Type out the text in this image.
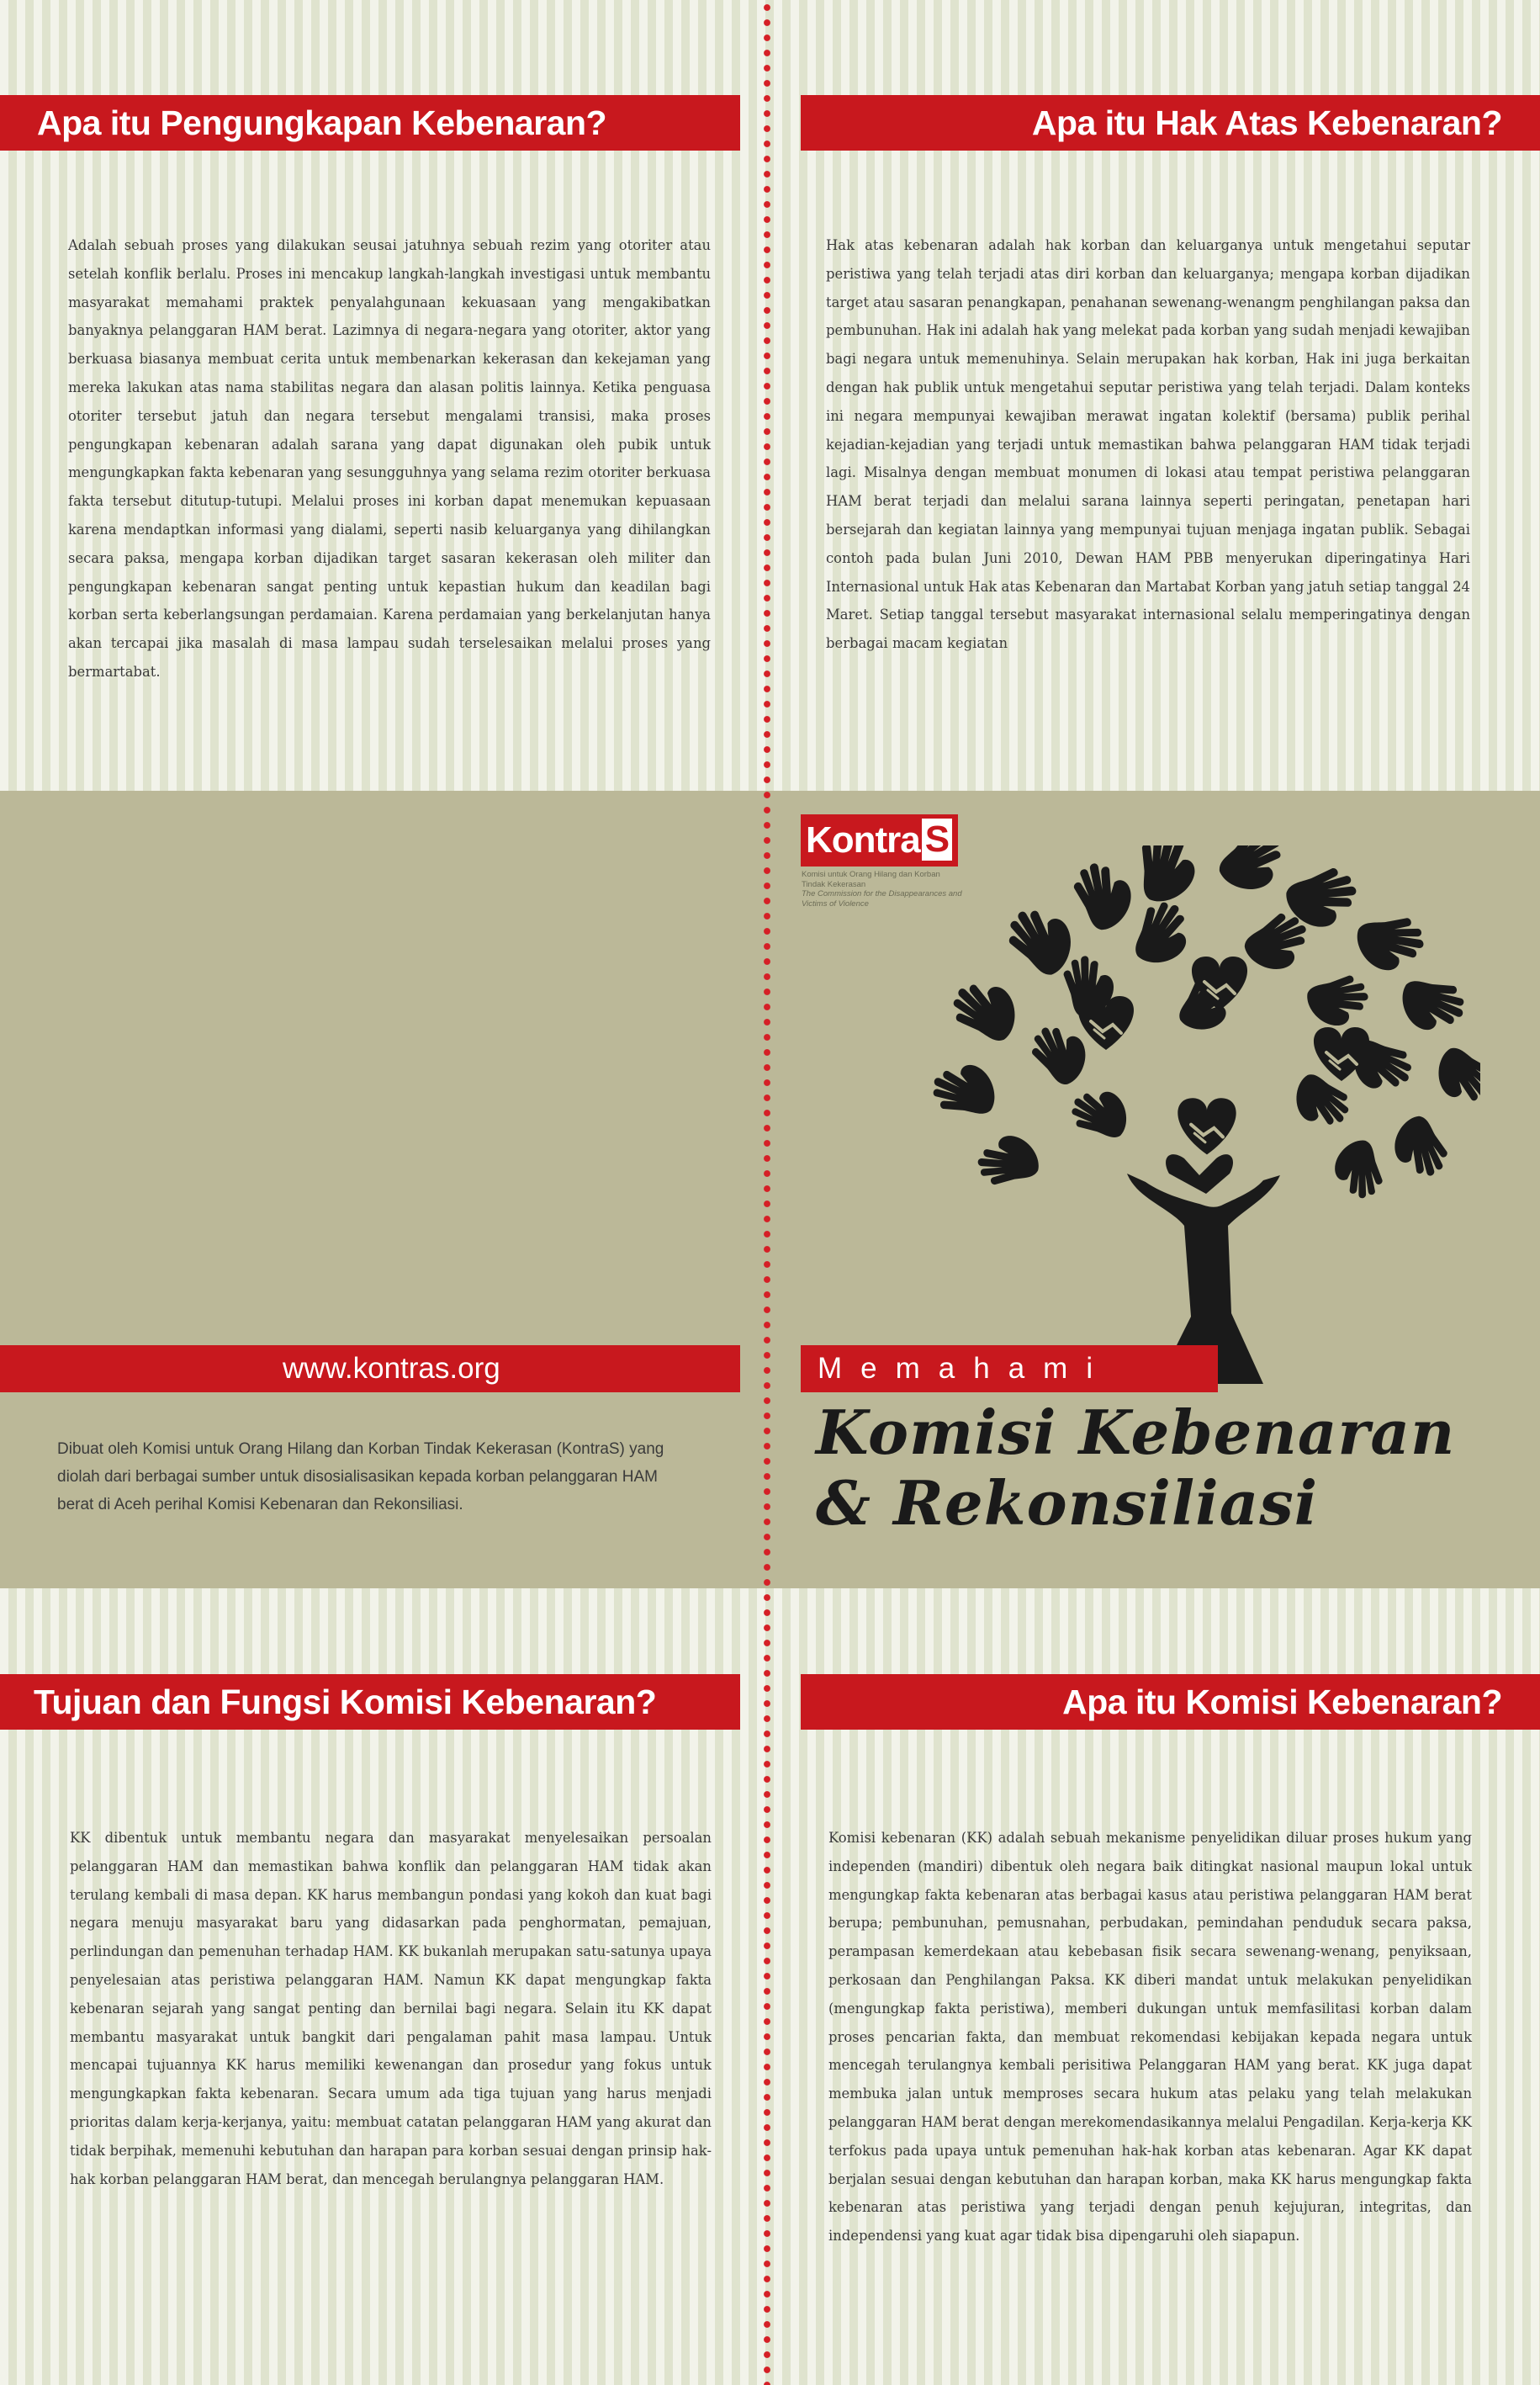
Apa itu Pengungkapan Kebenaran?	Apa itu Hak Atas Kebenaran?

Adalah sebuah proses yang dilakukan seusai jatuhnya sebuah rezim yang otoriter atau setelah konflik berlalu. Proses ini mencakup langkah-langkah investigasi untuk membantu masyarakat memahami praktek penyalahgunaan kekuasaan yang mengakibatkan banyaknya pelanggaran HAM berat. Lazimnya di negara-negara yang otoriter, aktor yang berkuasa biasanya membuat cerita untuk membenarkan kekerasan dan kekejaman yang mereka lakukan atas nama stabilitas negara dan alasan politis lainnya. Ketika penguasa otoriter tersebut jatuh dan negara tersebut mengalami transisi, maka proses pengungkapan kebenaran adalah sarana yang dapat digunakan oleh pubik untuk mengungkapkan fakta kebenaran yang sesungguhnya yang selama rezim otoriter berkuasa fakta tersebut ditutup-tutupi. Melalui proses ini korban dapat menemukan kepuasaan karena mendaptkan informasi yang dialami, seperti nasib keluarganya yang dihilangkan secara paksa, mengapa korban dijadikan target sasaran kekerasan oleh militer dan pengungkapan kebenaran sangat penting untuk kepastian hukum dan keadilan bagi korban serta keberlangsungan perdamaian. Karena perdamaian yang berkelanjutan hanya akan tercapai jika masalah di masa lampau sudah terselesaikan melalui proses yang bermartabat.

Hak atas kebenaran adalah hak korban dan keluarganya untuk mengetahui seputar peristiwa yang telah terjadi atas diri korban dan keluarganya; mengapa korban dijadikan target atau sasaran penangkapan, penahanan sewenang-wenangm penghilangan paksa dan pembunuhan. Hak ini adalah hak yang melekat pada korban yang sudah menjadi kewajiban bagi negara untuk memenuhinya. Selain merupakan hak korban, Hak ini juga berkaitan dengan hak publik untuk mengetahui seputar peristiwa yang telah terjadi. Dalam konteks ini negara mempunyai kewajiban merawat ingatan kolektif (bersama) publik perihal kejadian-kejadian yang terjadi untuk memastikan bahwa pelanggaran HAM tidak terjadi lagi. Misalnya dengan membuat monumen di lokasi atau tempat peristiwa pelanggaran HAM berat terjadi dan melalui sarana lainnya seperti peringatan, penetapan hari bersejarah dan kegiatan lainnya yang mempunyai tujuan menjaga ingatan publik. Sebagai contoh pada bulan Juni 2010, Dewan HAM PBB menyerukan diperingatinya Hari Internasional untuk Hak atas Kebenaran dan Martabat Korban yang jatuh setiap tanggal 24 Maret. Setiap tanggal tersebut masyarakat internasional selalu memperingatinya dengan berbagai macam kegiatan

Kontra S
Komisi untuk Orang Hilang dan Korban
Tindak Kekerasan
The Commission for the Disappearances and
Victims of Violence
www.kontras.org	Memahami

Dibuat oleh Komisi untuk Orang Hilang dan Korban Tindak Kekerasan (KontraS) yang diolah dari berbagai sumber untuk disosialisasikan kepada korban pelanggaran HAM berat di Aceh perihal Komisi Kebenaran dan Rekonsiliasi.

Komisi Kebenaran
& Rekonsiliasi
Tujuan dan Fungsi Komisi Kebenaran?	Apa itu Komisi Kebenaran?

KK dibentuk untuk membantu negara dan masyarakat menyelesaikan persoalan pelanggaran HAM dan memastikan bahwa konflik dan pelanggaran HAM tidak akan terulang kembali di masa depan. KK harus membangun pondasi yang kokoh dan kuat bagi negara menuju masyarakat baru yang didasarkan pada penghormatan, pemajuan, perlindungan dan pemenuhan terhadap HAM. KK bukanlah merupakan satu-satunya upaya penyelesaian atas peristiwa pelanggaran HAM. Namun KK dapat mengungkap fakta kebenaran sejarah yang sangat penting dan bernilai bagi negara. Selain itu KK dapat membantu masyarakat untuk bangkit dari pengalaman pahit masa lampau. Untuk mencapai tujuannya KK harus memiliki kewenangan dan prosedur yang fokus untuk mengungkapkan fakta kebenaran. Secara umum ada tiga tujuan yang harus menjadi prioritas dalam kerja-kerjanya, yaitu: membuat catatan pelanggaran HAM yang akurat dan tidak berpihak, memenuhi kebutuhan dan harapan para korban sesuai dengan prinsip hak-hak korban pelanggaran HAM berat, dan mencegah berulangnya pelanggaran HAM.

Komisi kebenaran (KK) adalah sebuah mekanisme penyelidikan diluar proses hukum yang independen (mandiri) dibentuk oleh negara baik ditingkat nasional maupun lokal untuk mengungkap fakta kebenaran atas berbagai kasus atau peristiwa pelanggaran HAM berat berupa; pembunuhan, pemusnahan, perbudakan, pemindahan penduduk secara paksa, perampasan kemerdekaan atau kebebasan fisik secara sewenang-wenang, penyiksaan, perkosaan dan Penghilangan Paksa. KK diberi mandat untuk melakukan penyelidikan (mengungkap fakta peristiwa), memberi dukungan untuk memfasilitasi korban dalam proses pencarian fakta, dan membuat rekomendasi kebijakan kepada negara untuk mencegah terulangnya kembali perisitiwa Pelanggaran HAM yang berat. KK juga dapat membuka jalan untuk memproses secara hukum atas pelaku yang telah melakukan pelanggaran HAM berat dengan merekomendasikannya melalui Pengadilan. Kerja-kerja KK terfokus pada upaya untuk pemenuhan hak-hak korban atas kebenaran. Agar KK dapat berjalan sesuai dengan kebutuhan dan harapan korban, maka KK harus mengungkap fakta kebenaran atas peristiwa yang terjadi dengan penuh kejujuran, integritas, dan independensi yang kuat agar tidak bisa dipengaruhi oleh siapapun.
